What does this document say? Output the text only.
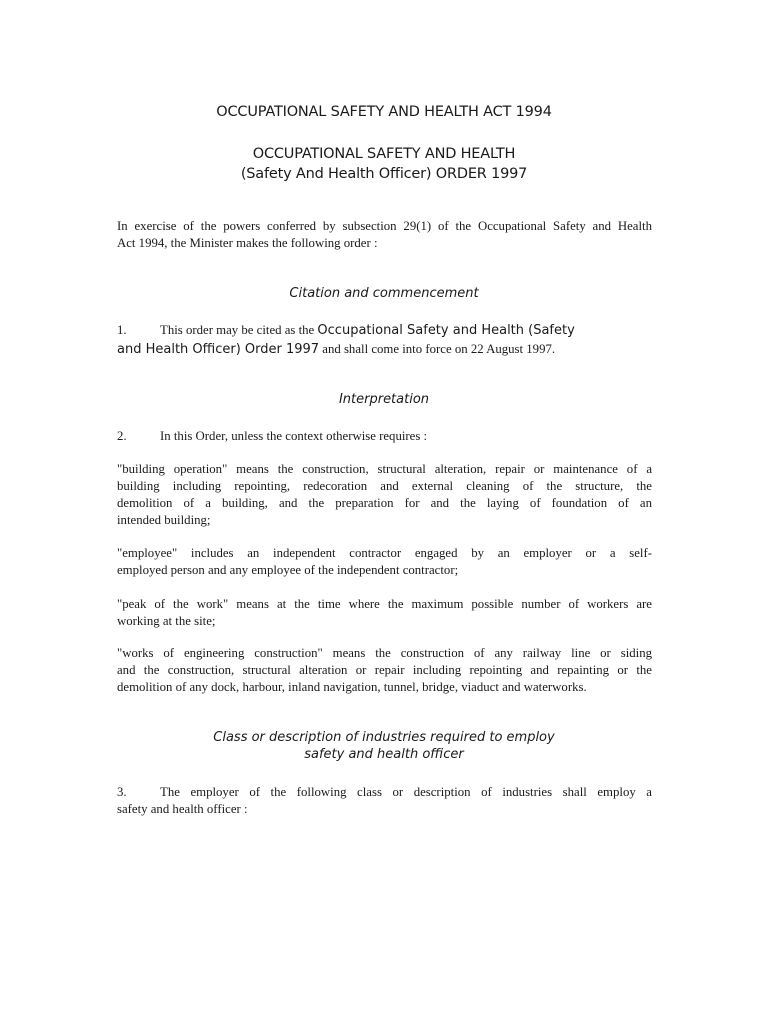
OCCUPATIONAL SAFETY AND HEALTH ACT 1994
OCCUPATIONAL SAFETY AND HEALTH
(Safety And Health Officer) ORDER 1997
In exercise of the powers conferred by subsection 29(1) of the Occupational Safety and Health
Act 1994, the Minister makes the following order :
Citation and commencement
1.	This order may be cited as the Occupational Safety and Health (Safety
and Health Officer) Order 1997 and shall come into force on 22 August 1997.
Interpretation
2.	In this Order, unless the context otherwise requires :
"building operation" means the construction, structural alteration, repair or maintenance of a
building including repointing, redecoration and external cleaning of the structure, the
demolition of a building, and the preparation for and the laying of foundation of an
intended building;
"employee" includes an independent contractor engaged by an employer or a self-
employed person and any employee of the independent contractor;
"peak of the work" means at the time where the maximum possible number of workers are
working at the site;
"works of engineering construction" means the construction of any railway line or siding
and the construction, structural alteration or repair including repointing and repainting or the
demolition of any dock, harbour, inland navigation, tunnel, bridge, viaduct and waterworks.
Class or description of industries required to employ
safety and health officer
3.	The employer of the following class or description of industries shall employ a
safety and health officer :
